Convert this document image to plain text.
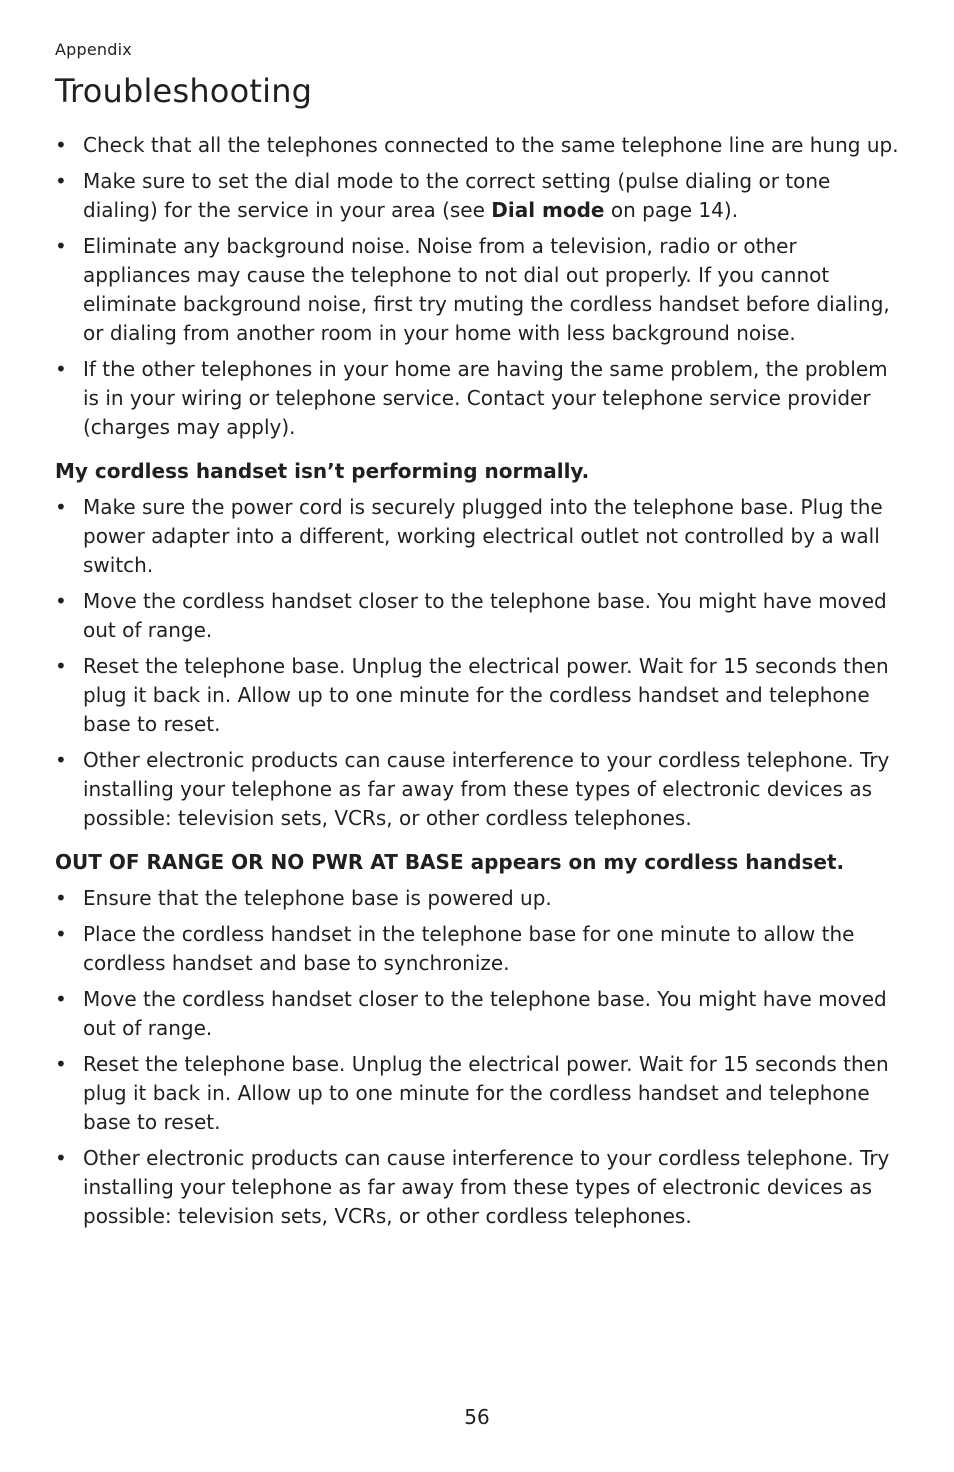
Appendix
Troubleshooting
• Check that all the telephones connected to the same telephone line are hung up.
• Make sure to set the dial mode to the correct setting (pulse dialing or tone dialing) for the service in your area (see Dial mode on page 14).
• Eliminate any background noise. Noise from a television, radio or other appliances may cause the telephone to not dial out properly. If you cannot eliminate background noise, first try muting the cordless handset before dialing, or dialing from another room in your home with less background noise.
• If the other telephones in your home are having the same problem, the problem is in your wiring or telephone service. Contact your telephone service provider (charges may apply).

My cordless handset isn’t performing normally.

• Make sure the power cord is securely plugged into the telephone base. Plug the power adapter into a different, working electrical outlet not controlled by a wall switch.
• Move the cordless handset closer to the telephone base. You might have moved out of range.
• Reset the telephone base. Unplug the electrical power. Wait for 15 seconds then plug it back in. Allow up to one minute for the cordless handset and telephone base to reset.
• Other electronic products can cause interference to your cordless telephone. Try installing your telephone as far away from these types of electronic devices as possible: television sets, VCRs, or other cordless telephones.

OUT OF RANGE OR NO PWR AT BASE appears on my cordless handset.

• Ensure that the telephone base is powered up.
• Place the cordless handset in the telephone base for one minute to allow the cordless handset and base to synchronize.
• Move the cordless handset closer to the telephone base. You might have moved out of range.
• Reset the telephone base. Unplug the electrical power. Wait for 15 seconds then plug it back in. Allow up to one minute for the cordless handset and telephone base to reset.
• Other electronic products can cause interference to your cordless telephone. Try installing your telephone as far away from these types of electronic devices as possible: television sets, VCRs, or other cordless telephones.
56
